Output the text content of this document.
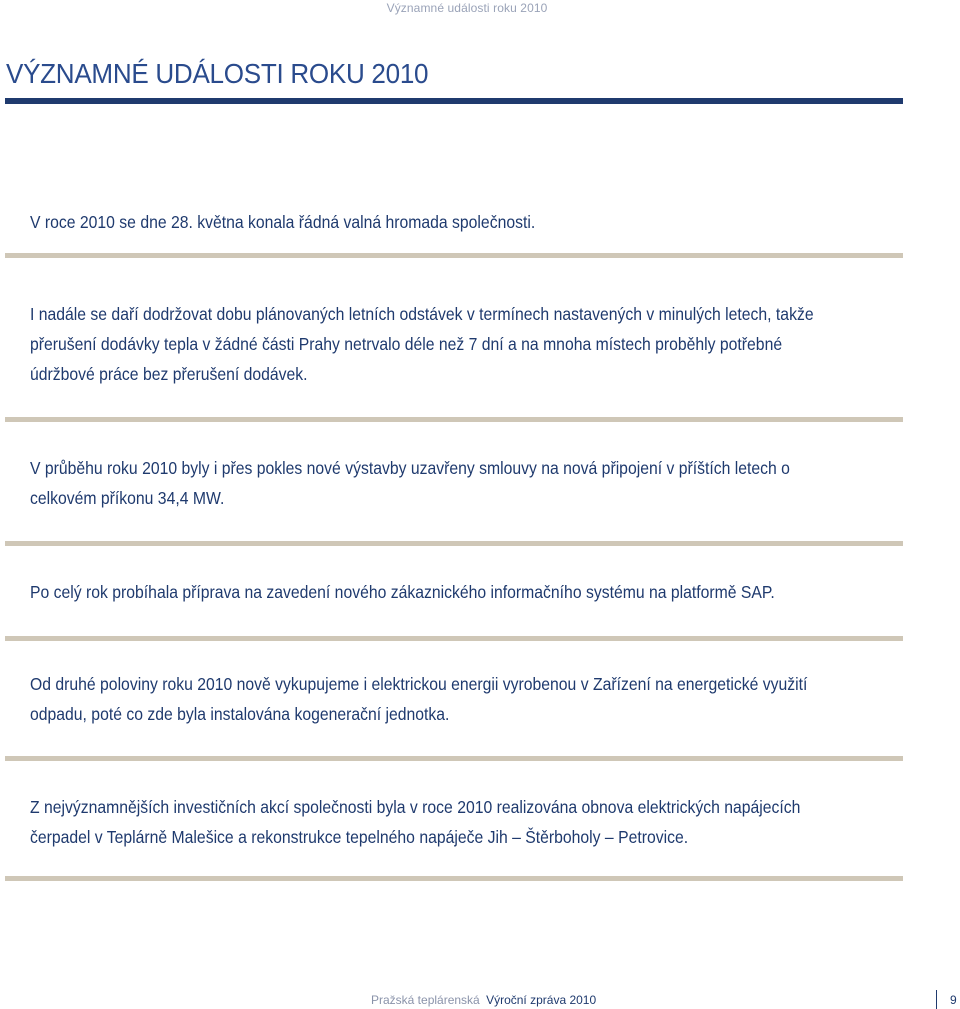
Významné události roku 2010
VÝZNAMNÉ UDÁLOSTI ROKU 2010

V roce 2010 se dne 28. května konala řádná valná hromada společnosti.

I nadále se daří dodržovat dobu plánovaných letních odstávek v termínech nastavených v minulých letech, takže přerušení dodávky tepla v žádné části Prahy netrvalo déle než 7 dní a na mnoha místech proběhly potřebné údržbové práce bez přerušení dodávek.

V průběhu roku 2010 byly i přes pokles nové výstavby uzavřeny smlouvy na nová připojení v příštích letech o celkovém příkonu 34,4 MW.

Po celý rok probíhala příprava na zavedení nového zákaznického informačního systému na platformě SAP.

Od druhé poloviny roku 2010 nově vykupujeme i elektrickou energii vyrobenou v Zařízení na energetické využití odpadu, poté co zde byla instalována kogenerační jednotka.

Z nejvýznamnějších investičních akcí společnosti byla v roce 2010 realizována obnova elektrických napájecích čerpadel v Teplárně Malešice a rekonstrukce tepelného napáječe Jih – Štěrboholy – Petrovice.

Pražská teplárenská Výroční zpráva 2010	9
